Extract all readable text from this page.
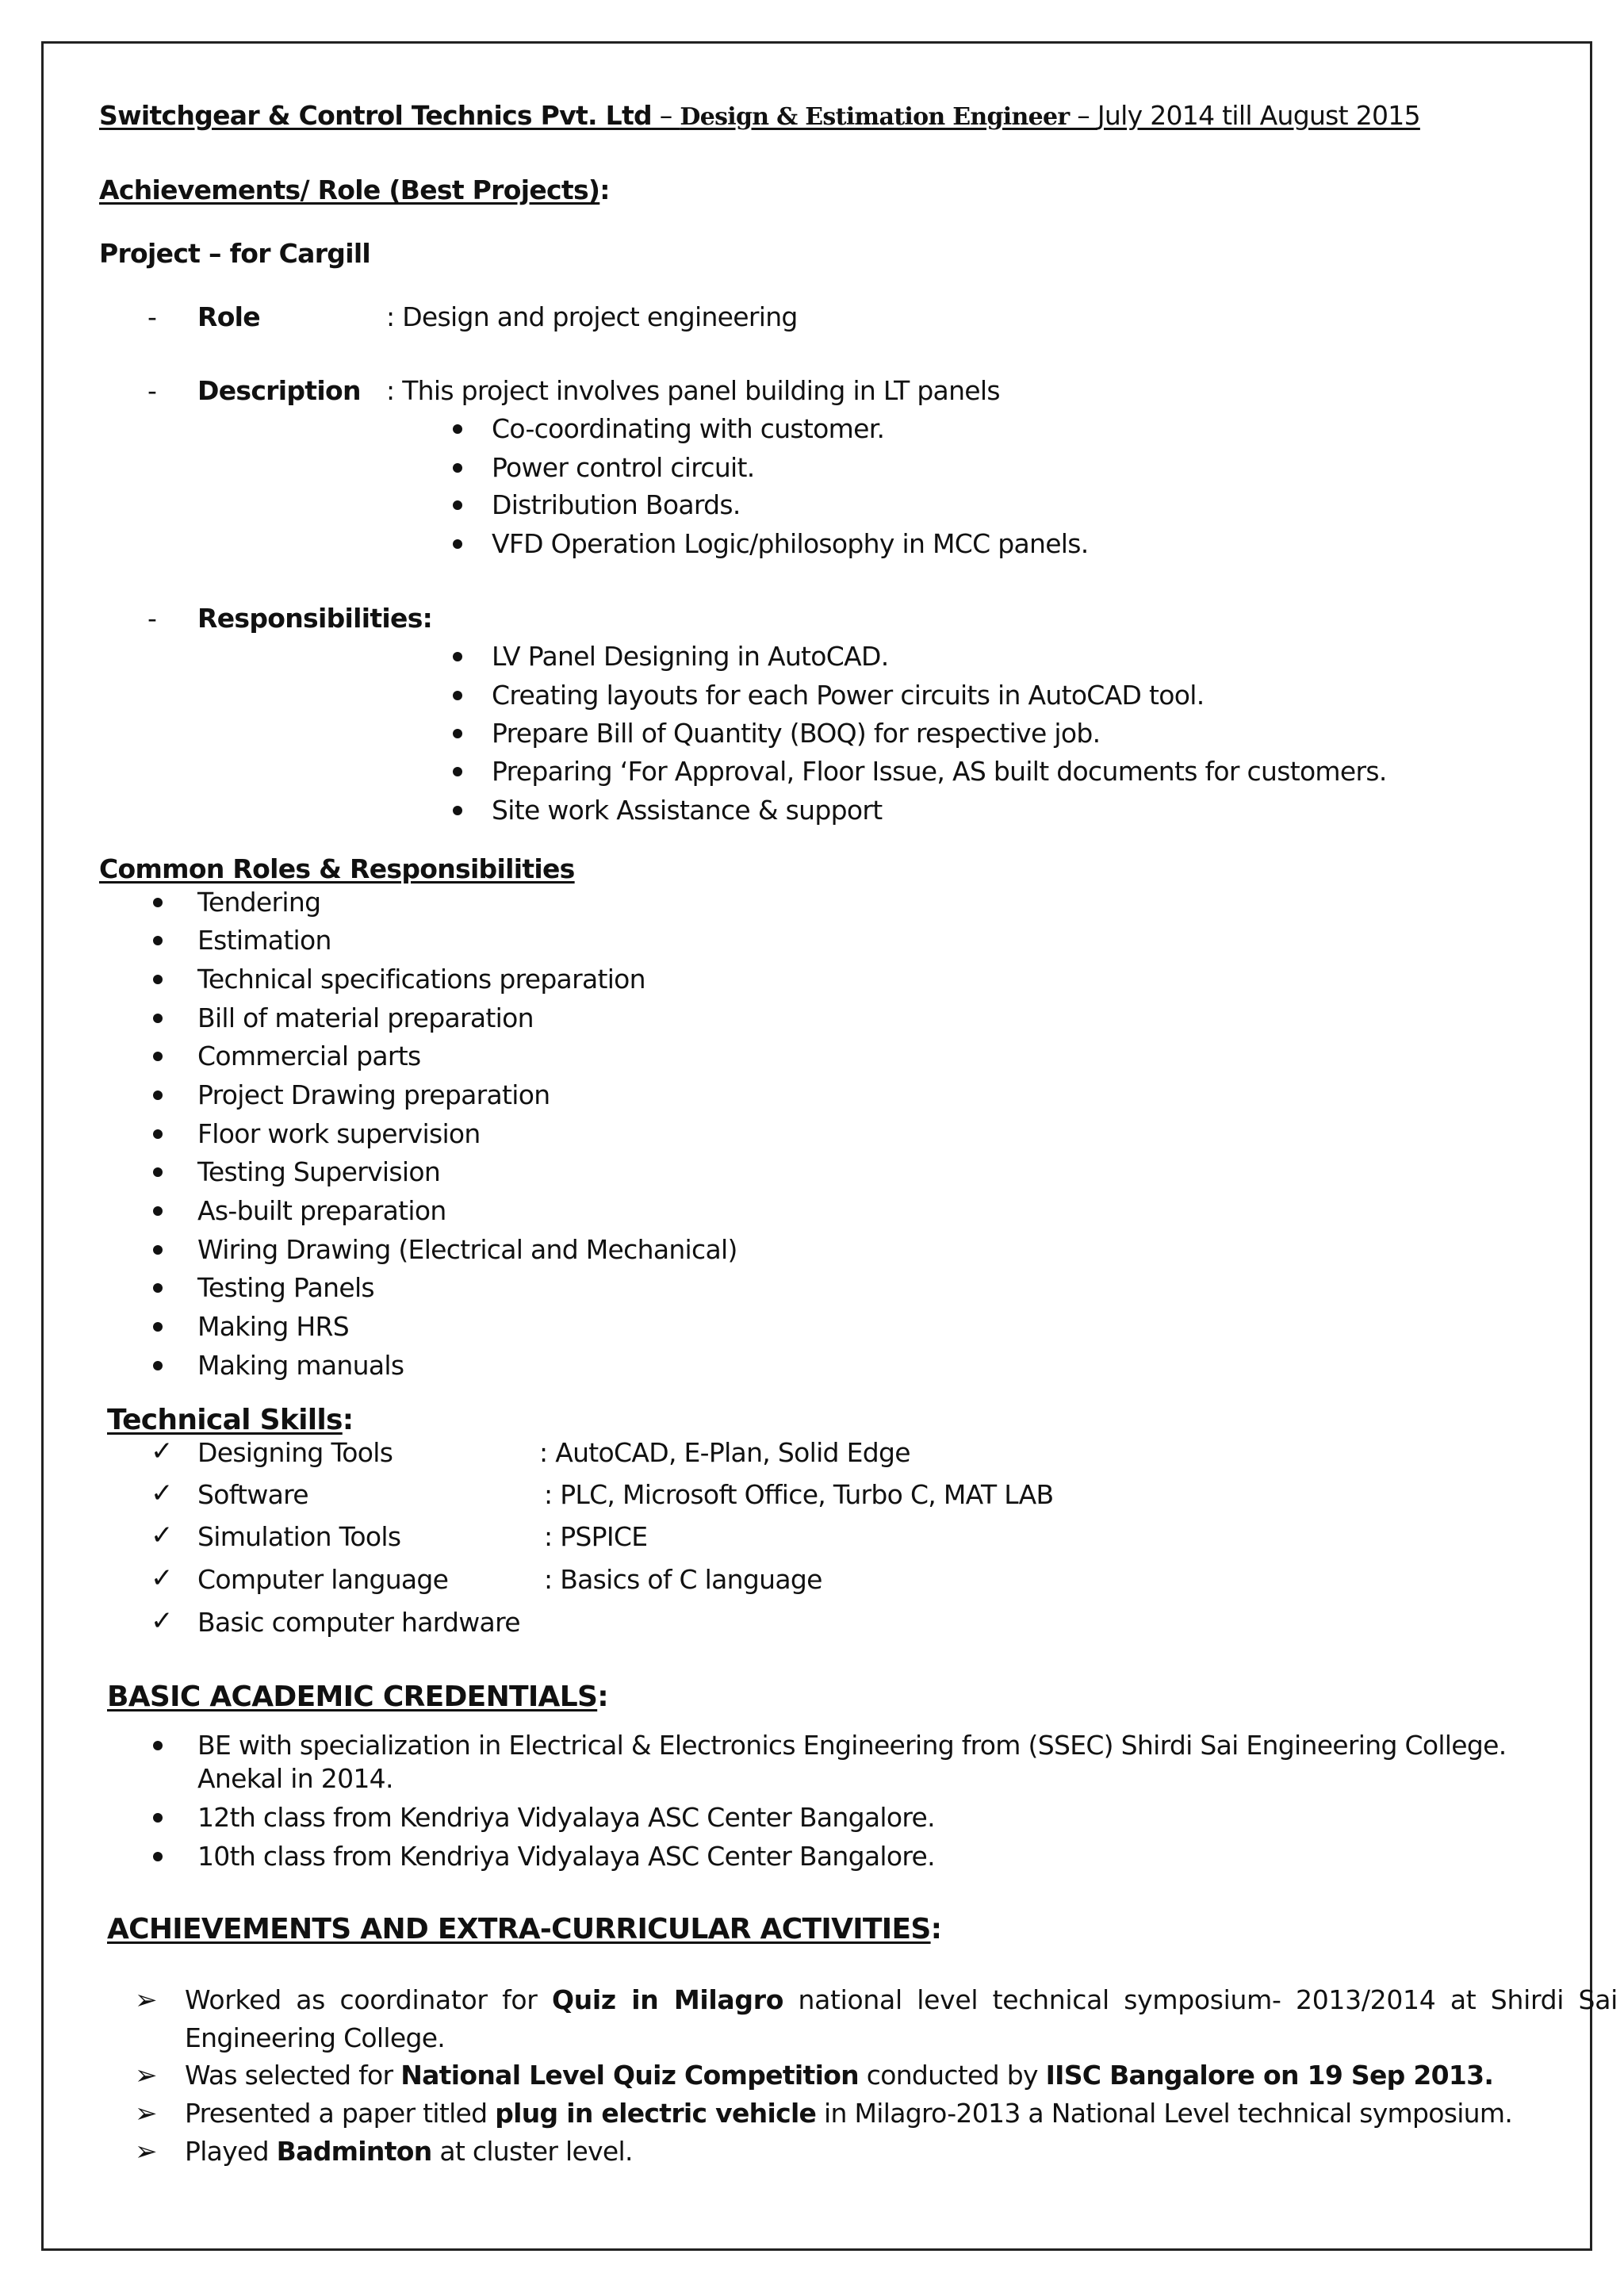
Switchgear & Control Technics Pvt. Ltd – Design & Estimation Engineer – July 2014 till August 2015
Achievements/ Role (Best Projects):
Project – for Cargill
- Role	: Design and project engineering
- Description : This project involves panel building in LT panels
Co-coordinating with customer.
Power control circuit.
Distribution Boards.
VFD Operation Logic/philosophy in MCC panels.
- Responsibilities:
LV Panel Designing in AutoCAD.
Creating layouts for each Power circuits in AutoCAD tool.
Prepare Bill of Quantity (BOQ) for respective job.
Preparing ‘For Approval, Floor Issue, AS built documents for customers.
Site work Assistance & support
Common Roles & Responsibilities
Tendering
Estimation
Technical specifications preparation
Bill of material preparation
Commercial parts
Project Drawing preparation
Floor work supervision
Testing Supervision
As-built preparation
Wiring Drawing (Electrical and Mechanical)
Testing Panels
Making HRS
Making manuals
Technical Skills:
✓ Designing Tools	: AutoCAD, E-Plan, Solid Edge
✓ Software	: PLC, Microsoft Office, Turbo C, MAT LAB
✓ Simulation Tools	: PSPICE
✓ Computer language	: Basics of C language
✓ Basic computer hardware
BASIC ACADEMIC CREDENTIALS:
BE with specialization in Electrical & Electronics Engineering from (SSEC) Shirdi Sai Engineering College.
Anekal in 2014.
12th class from Kendriya Vidyalaya ASC Center Bangalore.
10th class from Kendriya Vidyalaya ASC Center Bangalore.
ACHIEVEMENTS AND EXTRA-CURRICULAR ACTIVITIES:
➢ Worked as coordinator for Quiz in Milagro national level technical symposium- 2013/2014 at Shirdi Sai
Engineering College.
➢ Was selected for National Level Quiz Competition conducted by IISC Bangalore on 19 Sep 2013.
➢ Presented a paper titled plug in electric vehicle in Milagro-2013 a National Level technical symposium.
➢ Played Badminton at cluster level.
